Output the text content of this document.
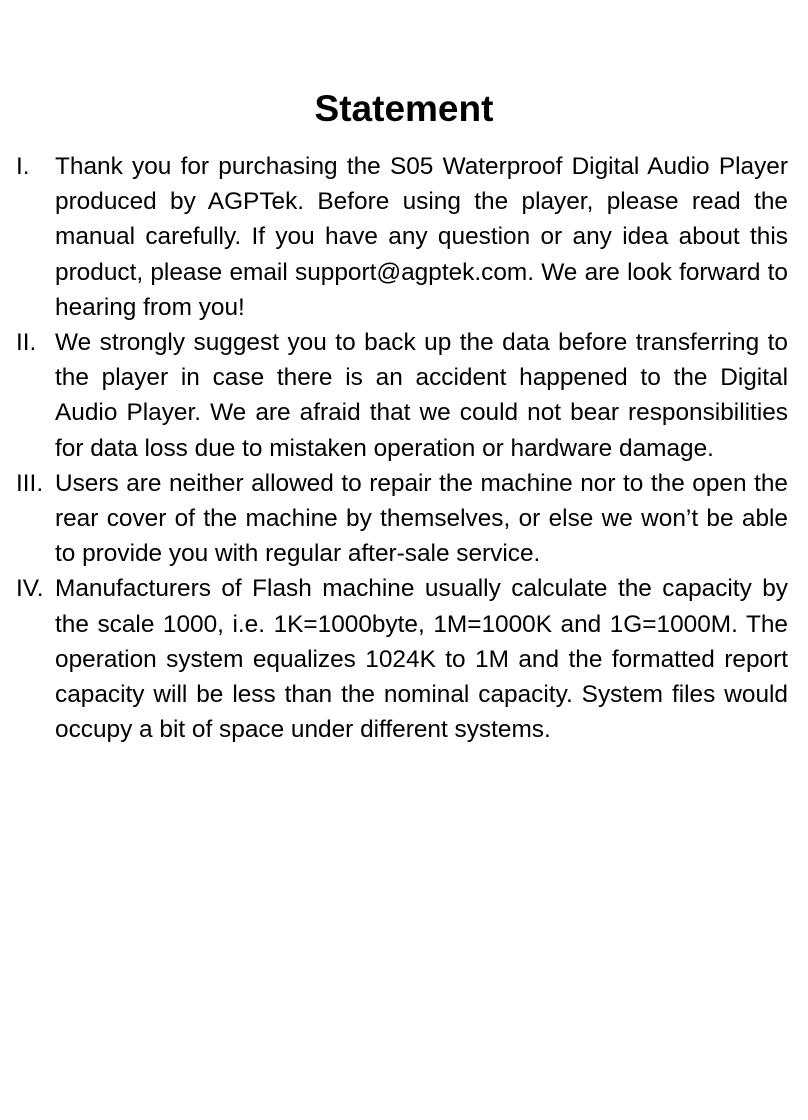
Statement
I. Thank you for purchasing the S05 Waterproof Digital Audio Player produced by AGPTek. Before using the player, please read the manual carefully. If you have any question or any idea about this product, please email support@agptek.com. We are look forward to hearing from you!
II. We strongly suggest you to back up the data before transferring to the player in case there is an accident happened to the Digital Audio Player. We are afraid that we could not bear responsibilities for data loss due to mistaken operation or hardware damage.
III. Users are neither allowed to repair the machine nor to the open the rear cover of the machine by themselves, or else we won’t be able to provide you with regular after-sale service.
IV. Manufacturers of Flash machine usually calculate the capacity by the scale 1000, i.e. 1K=1000byte, 1M=1000K and 1G=1000M. The operation system equalizes 1024K to 1M and the formatted report capacity will be less than the nominal capacity. System files would occupy a bit of space under different systems.
